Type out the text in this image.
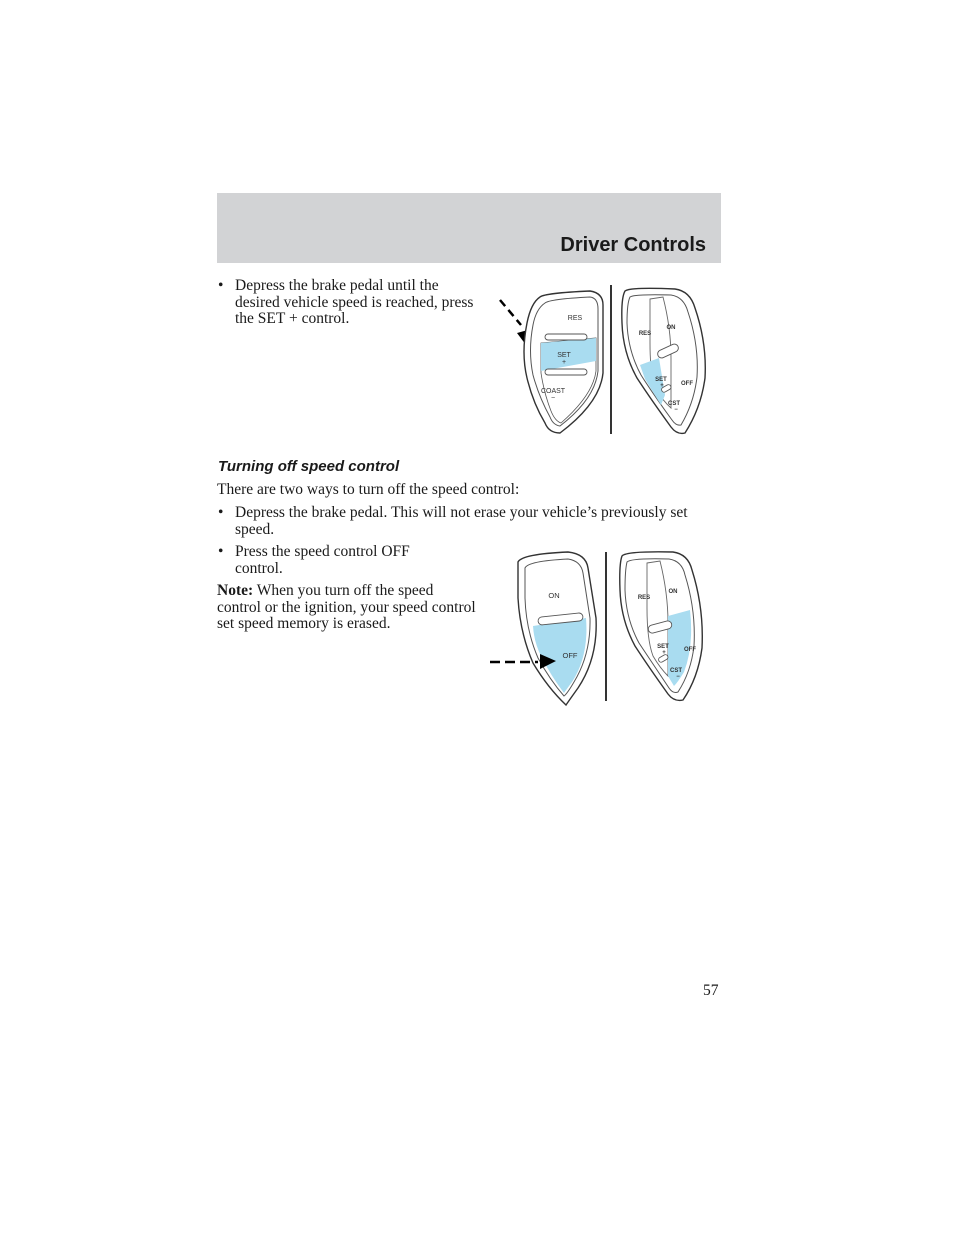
Driver Controls
• Depress the brake pedal until the desired vehicle speed is reached, press the SET + control.	RES
SET
+
COAST
−
RES
ON
SET
+	OFF
CST
−
Turning off speed control
There are two ways to turn off the speed control:
• Depress the brake pedal. This will not erase your vehicle’s previously set speed.
• Press the speed control OFF control.
Note: When you turn off the speed control or the ignition, your speed control set speed memory is erased.
ON
OFF
RES
ON
SET
+	OFF
CST
−
57
